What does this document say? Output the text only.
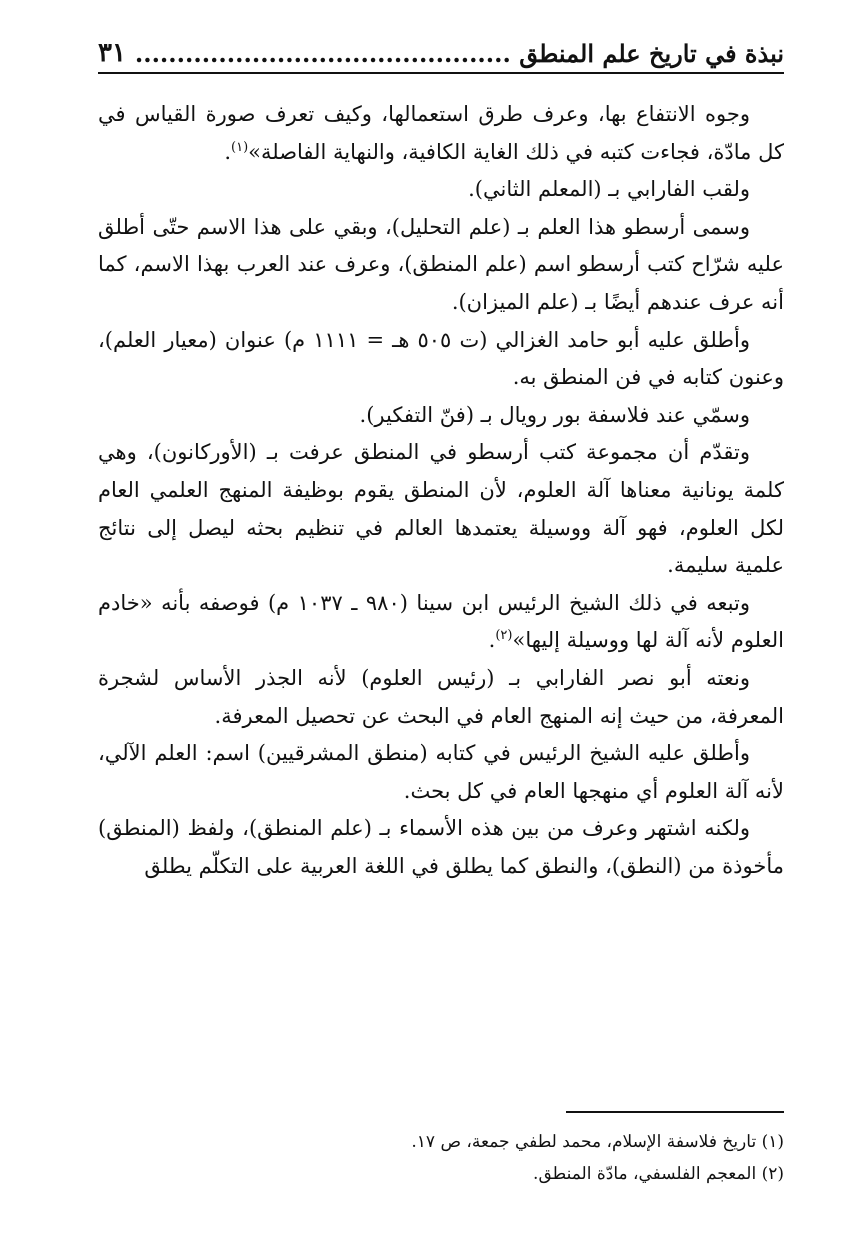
٣١ نبذة في تاريخ علم المنطق .............................................

وجوه الانتفاع بها، وعرف طرق استعمالها، وكيف تعرف صورة القياس في كل مادّة، فجاءت كتبه في ذلك الغاية الكافية، والنهاية الفاصلة»$^{(١)}$.

ولقب الفارابي بـ (المعلم الثاني).

وسمى أرسطو هذا العلم بـ (علم التحليل)، وبقي على هذا الاسم حتّى أطلق عليه شرّاح كتب أرسطو اسم (علم المنطق)، وعرف عند العرب بهذا الاسم، كما أنه عرف عندهم أيضًا بـ (علم الميزان).

وأطلق عليه أبو حامد الغزالي (ت ٥٠٥ هـ = ١١١١ م) عنوان (معيار العلم)، وعنون كتابه في فن المنطق به.

وسمّي عند فلاسفة بور رويال بـ (فنّ التفكير).

وتقدّم أن مجموعة كتب أرسطو في المنطق عرفت بـ (الأوركانون)، وهي كلمة يونانية معناها آلة العلوم، لأن المنطق يقوم بوظيفة المنهج العلمي العام لكل العلوم، فهو آلة ووسيلة يعتمدها العالم في تنظيم بحثه ليصل إلى نتائج علمية سليمة.

وتبعه في ذلك الشيخ الرئيس ابن سينا (٩٨٠ ـ ١٠٣٧ م) فوصفه بأنه «خادم العلوم لأنه آلة لها ووسيلة إليها»$^{(٢)}$.

ونعته أبو نصر الفارابي بـ (رئيس العلوم) لأنه الجذر الأساس لشجرة المعرفة، من حيث إنه المنهج العام في البحث عن تحصيل المعرفة.

وأطلق عليه الشيخ الرئيس في كتابه (منطق المشرقيين) اسم: العلم الآلي، لأنه آلة العلوم أي منهجها العام في كل بحث.

ولكنه اشتهر وعرف من بين هذه الأسماء بـ (علم المنطق)، ولفظ (المنطق) مأخوذة من (النطق)، والنطق كما يطلق في اللغة العربية على التكلّم يطلق

(١) تاريخ فلاسفة الإسلام، محمد لطفي جمعة، ص ١٧.

(٢) المعجم الفلسفي، مادّة المنطق.
